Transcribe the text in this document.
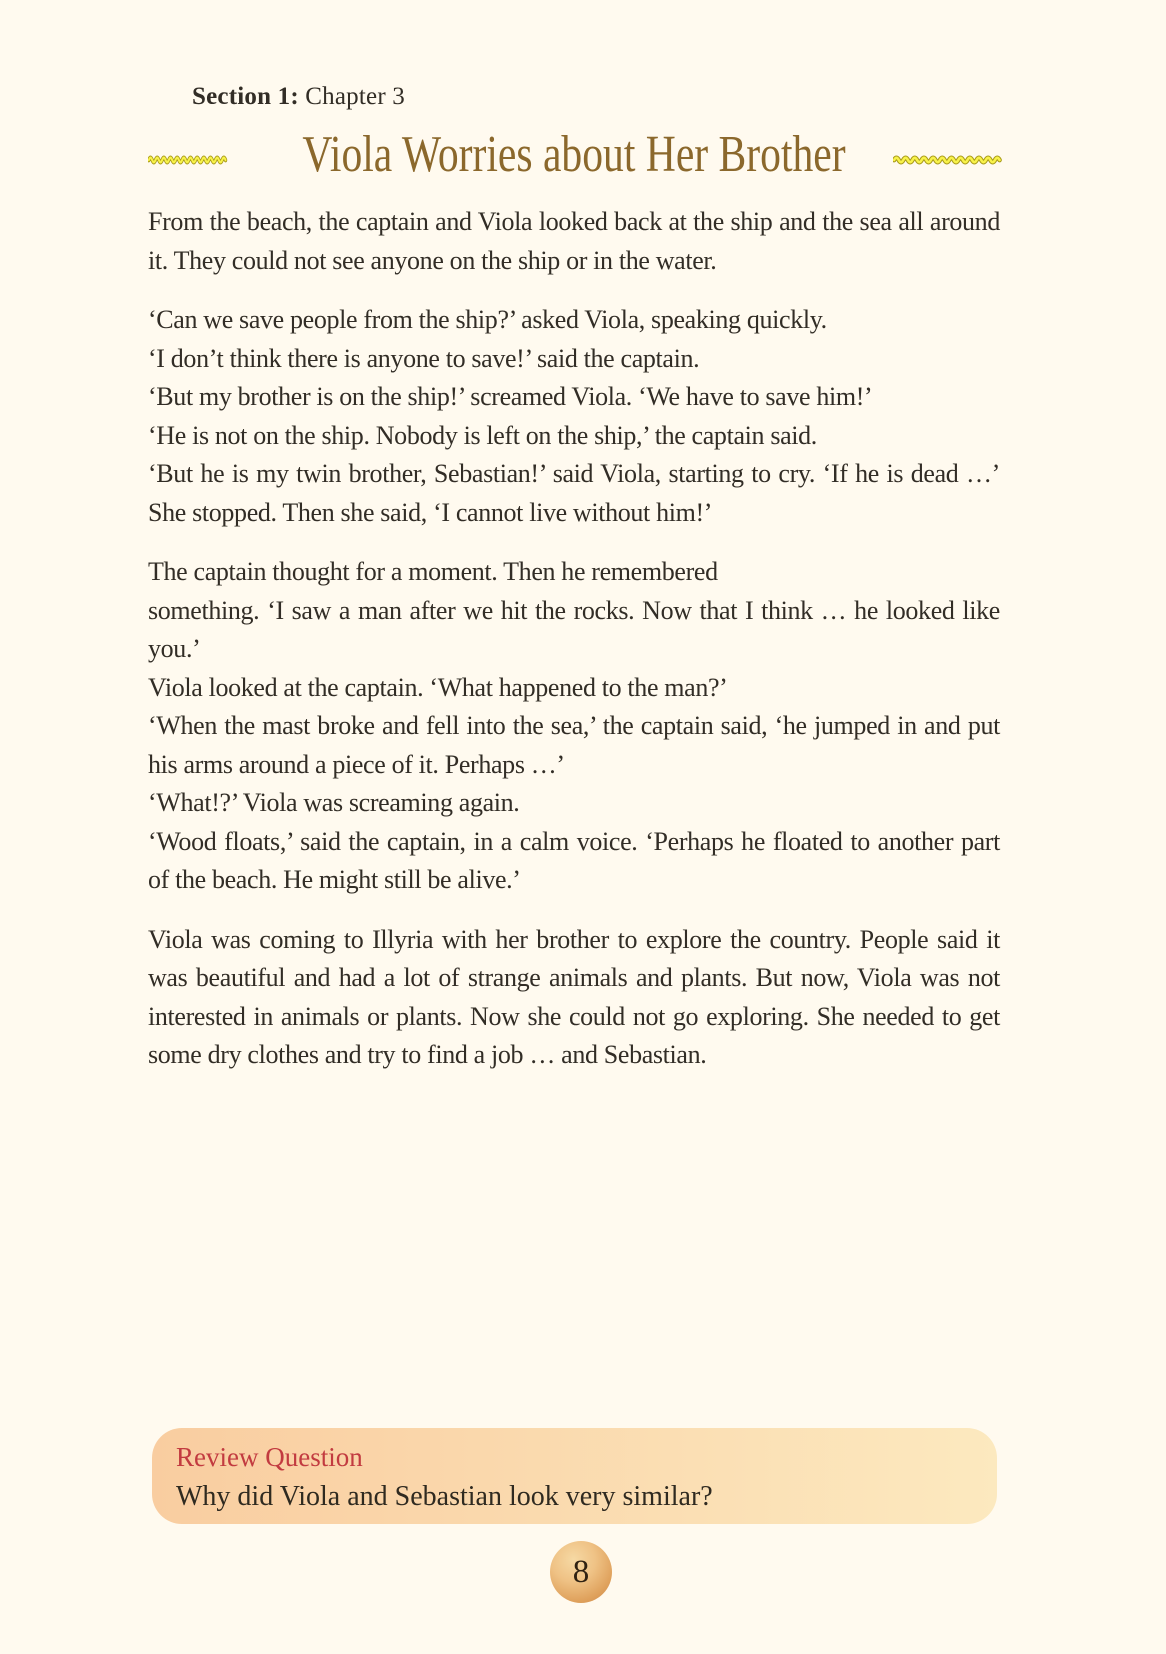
Section 1: Chapter 3
Viola Worries about Her Brother
From the beach, the captain and Viola looked back at the ship and the sea all around it. They could not see anyone on the ship or in the water.
‘Can we save people from the ship?’ asked Viola, speaking quickly.
‘I don’t think there is anyone to save!’ said the captain.
‘But my brother is on the ship!’ screamed Viola. ‘We have to save him!’
‘He is not on the ship. Nobody is left on the ship,’ the captain said.
‘But he is my twin brother, Sebastian!’ said Viola, starting to cry. ‘If he is dead …’ She stopped. Then she said, ‘I cannot live without him!’
The captain thought for a moment. Then he remembered
something. ‘I saw a man after we hit the rocks. Now that I think … he looked like you.’
Viola looked at the captain. ‘What happened to the man?’
‘When the mast broke and fell into the sea,’ the captain said, ‘he jumped in and put his arms around a piece of it. Perhaps …’
‘What!?’ Viola was screaming again.
‘Wood floats,’ said the captain, in a calm voice. ‘Perhaps he floated to another part of the beach. He might still be alive.’
Viola was coming to Illyria with her brother to explore the country. People said it was beautiful and had a lot of strange animals and plants. But now, Viola was not interested in animals or plants. Now she could not go exploring. She needed to get some dry clothes and try to find a job … and Sebastian.
Review Question
Why did Viola and Sebastian look very similar?
8
